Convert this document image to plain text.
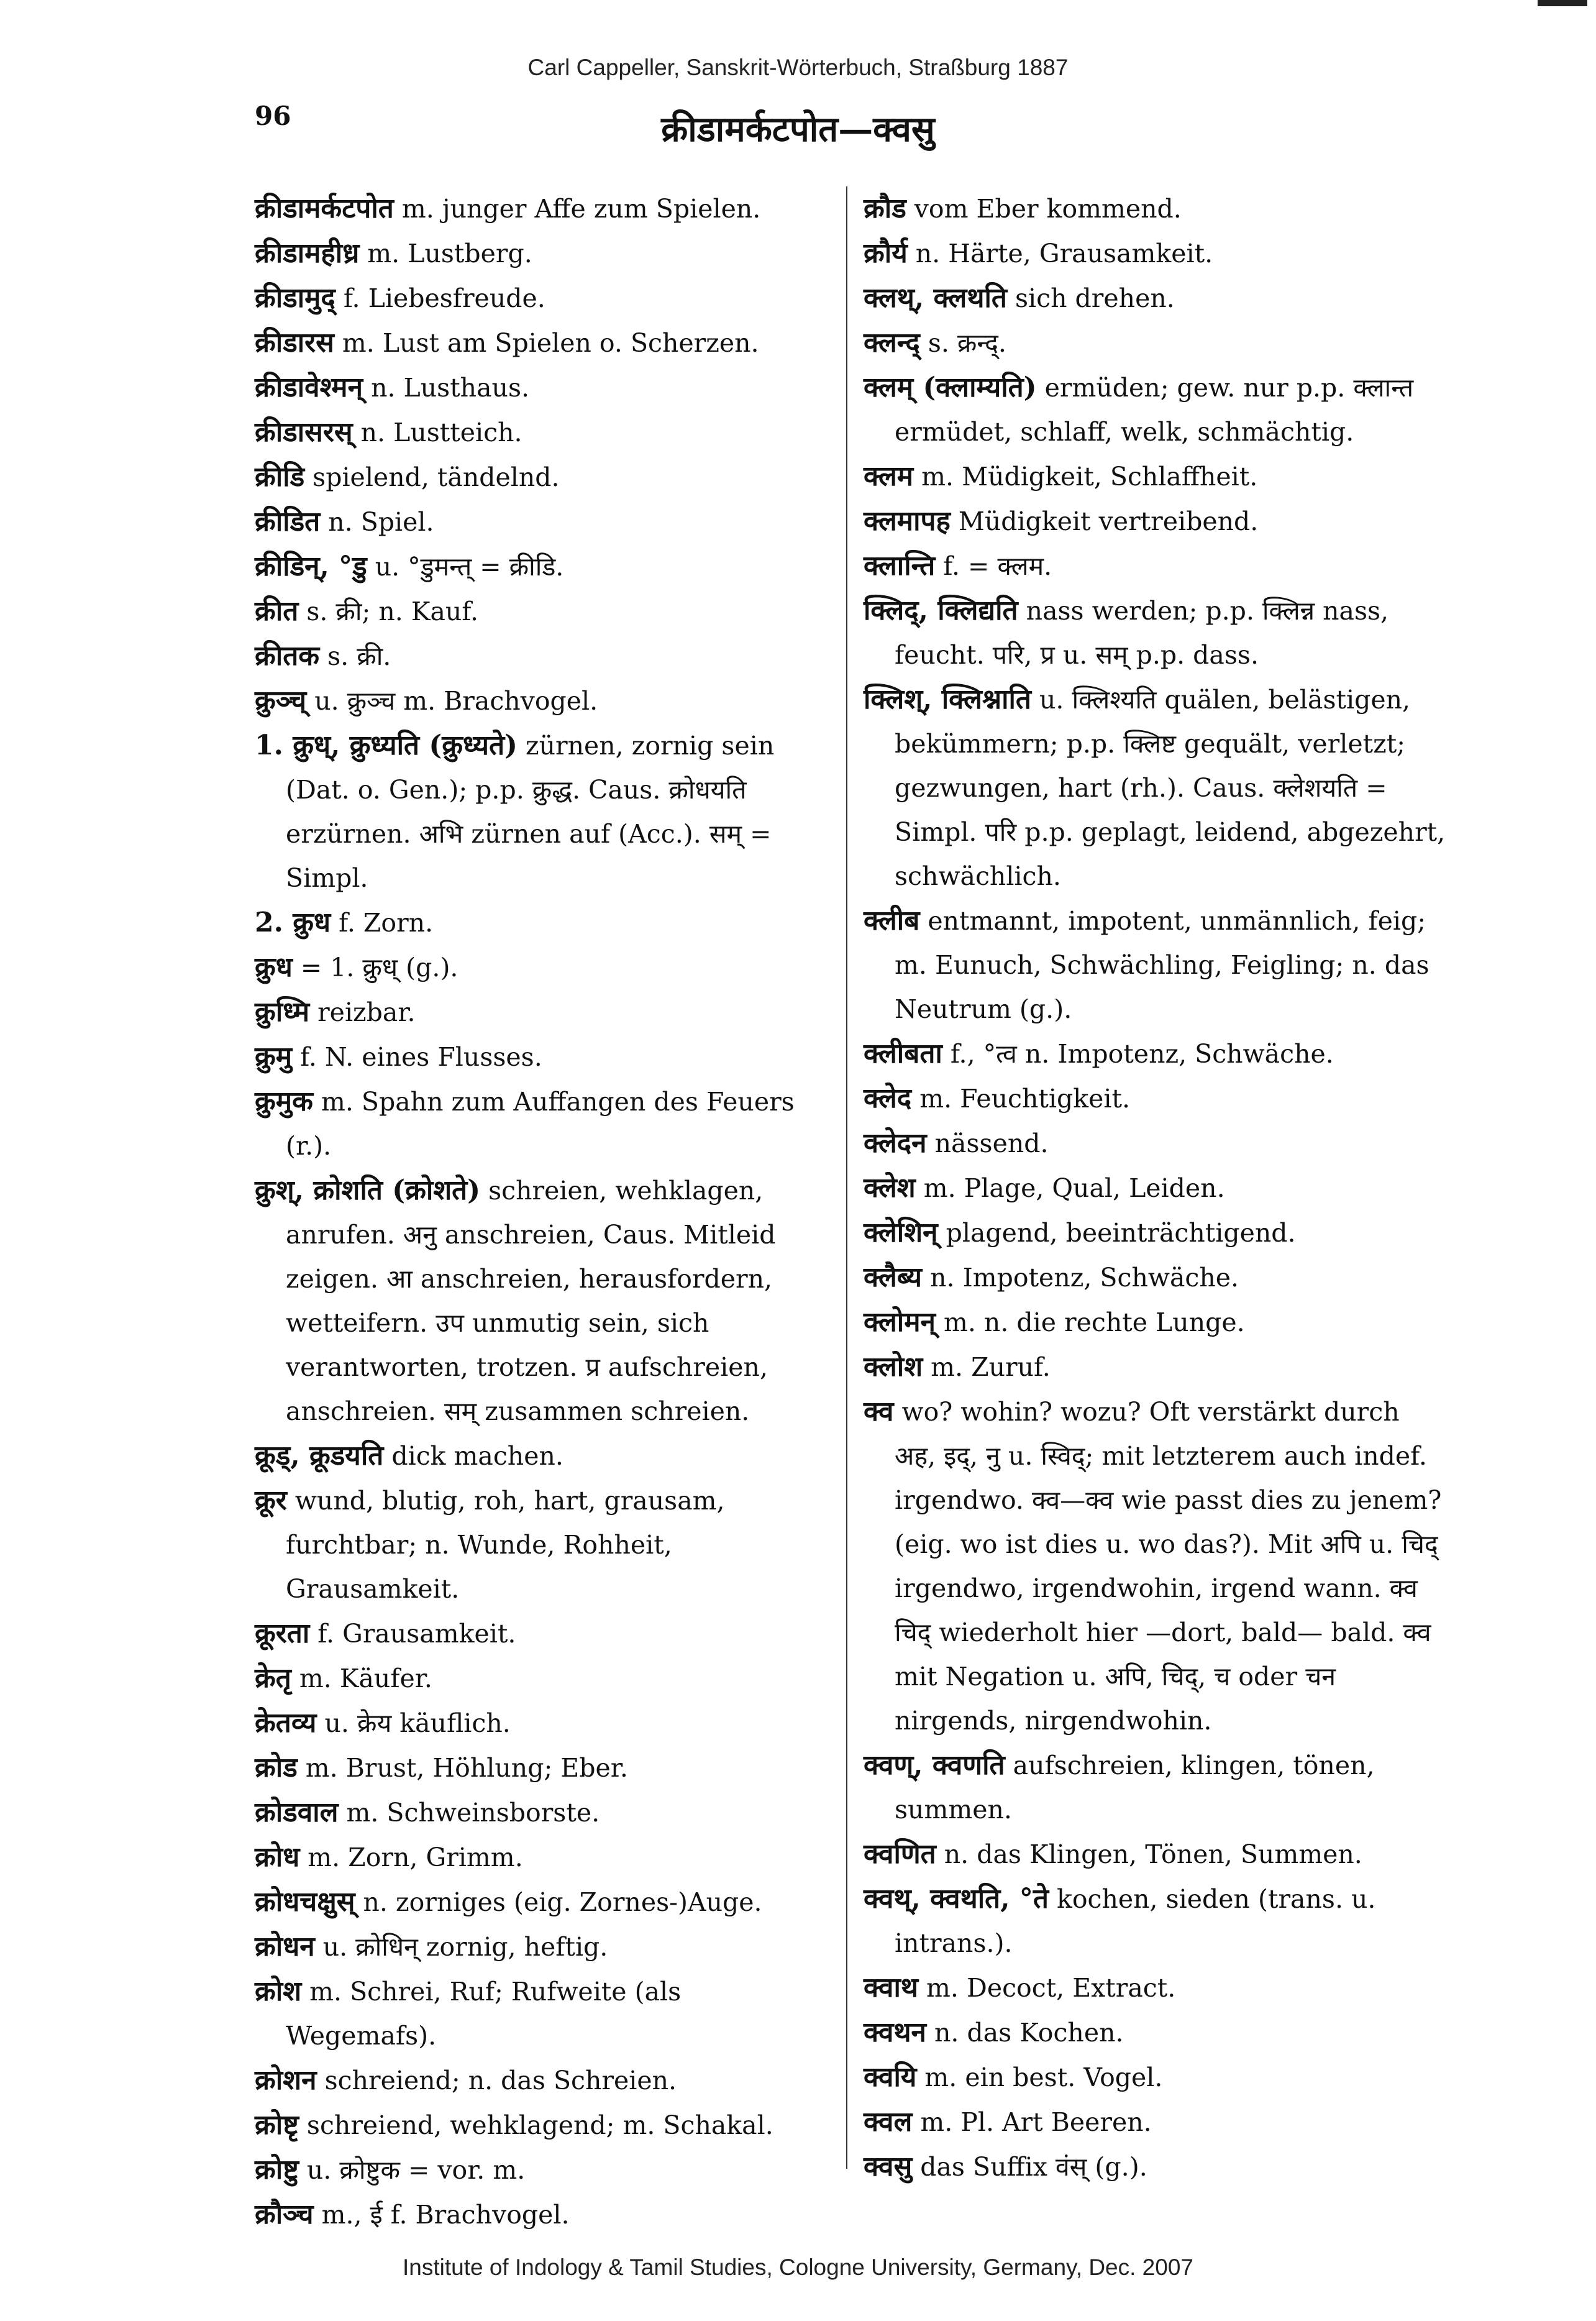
Carl Cappeller, Sanskrit-Wörterbuch, Straßburg 1887
96	क्रीडामर्कटपोत—क्वसु
क्रीडामर्कटपोत m. junger Affe zum Spielen.
क्रीडामहीध्र m. Lustberg.
क्रीडामुद् f. Liebesfreude.
क्रीडारस m. Lust am Spielen o. Scherzen.
क्रीडावेश्मन् n. Lusthaus.
क्रीडासरस् n. Lustteich.
क्रीडि spielend, tändelnd.
क्रीडित n. Spiel.
क्रीडिन्, °डु u. °डुमन्त् = क्रीडि.
क्रीत s. क्री; n. Kauf.
क्रीतक s. क्री.
क्रुञ्च् u. क्रुञ्च m. Brachvogel.
1. क्रुध्, क्रुध्यति (क्रुध्यते) zürnen, zornig sein (Dat. o. Gen.); p.p. क्रुद्ध. Caus. क्रोधयति erzürnen. अभि zürnen auf (Acc.). सम् = Simpl.
2. क्रुध f. Zorn.
क्रुध = 1. क्रुध् (g.).
क्रुध्मि reizbar.
क्रुमु f. N. eines Flusses.
क्रुमुक m. Spahn zum Auffangen des Feuers (r.).
क्रुश्, क्रोशति (क्रोशते) schreien, wehklagen, anrufen. अनु anschreien, Caus. Mitleid zeigen. आ anschreien, herausfordern, wetteifern. उप unmutig sein, sich verantworten, trotzen. प्र aufschreien, anschreien. सम् zusammen schreien.
क्रूड्, क्रूडयति dick machen.
क्रूर wund, blutig, roh, hart, grausam, furchtbar; n. Wunde, Rohheit, Grausamkeit.
क्रूरता f. Grausamkeit.
क्रेतृ m. Käufer.
क्रेतव्य u. क्रेय käuflich.
क्रोड m. Brust, Höhlung; Eber.
क्रोडवाल m. Schweinsborste.
क्रोध m. Zorn, Grimm.
क्रोधचक्षुस् n. zorniges (eig. Zornes-)Auge.
क्रोधन u. क्रोधिन् zornig, heftig.
क्रोश m. Schrei, Ruf; Rufweite (als Wegemafs).
क्रोशन schreiend; n. das Schreien.
क्रोष्टृ schreiend, wehklagend; m. Schakal.
क्रोष्टु u. क्रोष्टुक = vor. m.
क्रौञ्च m., ई f. Brachvogel.
क्रौड vom Eber kommend.
क्रौर्य n. Härte, Grausamkeit.
क्लथ्, क्लथति sich drehen.
क्लन्द् s. क्रन्द्.
क्लम् (क्लाम्यति) ermüden; gew. nur p.p. क्लान्त ermüdet, schlaff, welk, schmächtig.
क्लम m. Müdigkeit, Schlaffheit.
क्लमापह Müdigkeit vertreibend.
क्लान्ति f. = क्लम.
क्लिद्, क्लिद्यति nass werden; p.p. क्लिन्न nass, feucht. परि, प्र u. सम् p.p. dass.
क्लिश्, क्लिश्नाति u. क्लिश्यति quälen, belästigen, bekümmern; p.p. क्लिष्ट gequält, verletzt; gezwungen, hart (rh.). Caus. क्लेशयति = Simpl. परि p.p. geplagt, leidend, abgezehrt, schwächlich.
क्लीब entmannt, impotent, unmännlich, feig; m. Eunuch, Schwächling, Feigling; n. das Neutrum (g.).
क्लीबता f., °त्व n. Impotenz, Schwäche.
क्लेद m. Feuchtigkeit.
क्लेदन nässend.
क्लेश m. Plage, Qual, Leiden.
क्लेशिन् plagend, beeinträchtigend.
क्लैब्य n. Impotenz, Schwäche.
क्लोमन् m. n. die rechte Lunge.
क्लोश m. Zuruf.
क्व wo? wohin? wozu? Oft verstärkt durch अह, इद्, नु u. स्विद्; mit letzterem auch indef. irgendwo. क्व—क्व wie passt dies zu jenem? (eig. wo ist dies u. wo das?). Mit अपि u. चिद् irgendwo, irgendwohin, irgend wann. क्व चिद् wiederholt hier —dort, bald— bald. क्व mit Negation u. अपि, चिद्, च oder चन nirgends, nirgendwohin.
क्वण्, क्वणति aufschreien, klingen, tönen, summen.
क्वणित n. das Klingen, Tönen, Summen.
क्वथ्, क्वथति, °ते kochen, sieden (trans. u. intrans.).
क्वाथ m. Decoct, Extract.
क्वथन n. das Kochen.
क्वयि m. ein best. Vogel.
क्वल m. Pl. Art Beeren.
क्वसु das Suffix वंस् (g.).
Institute of Indology & Tamil Studies, Cologne University, Germany, Dec. 2007
